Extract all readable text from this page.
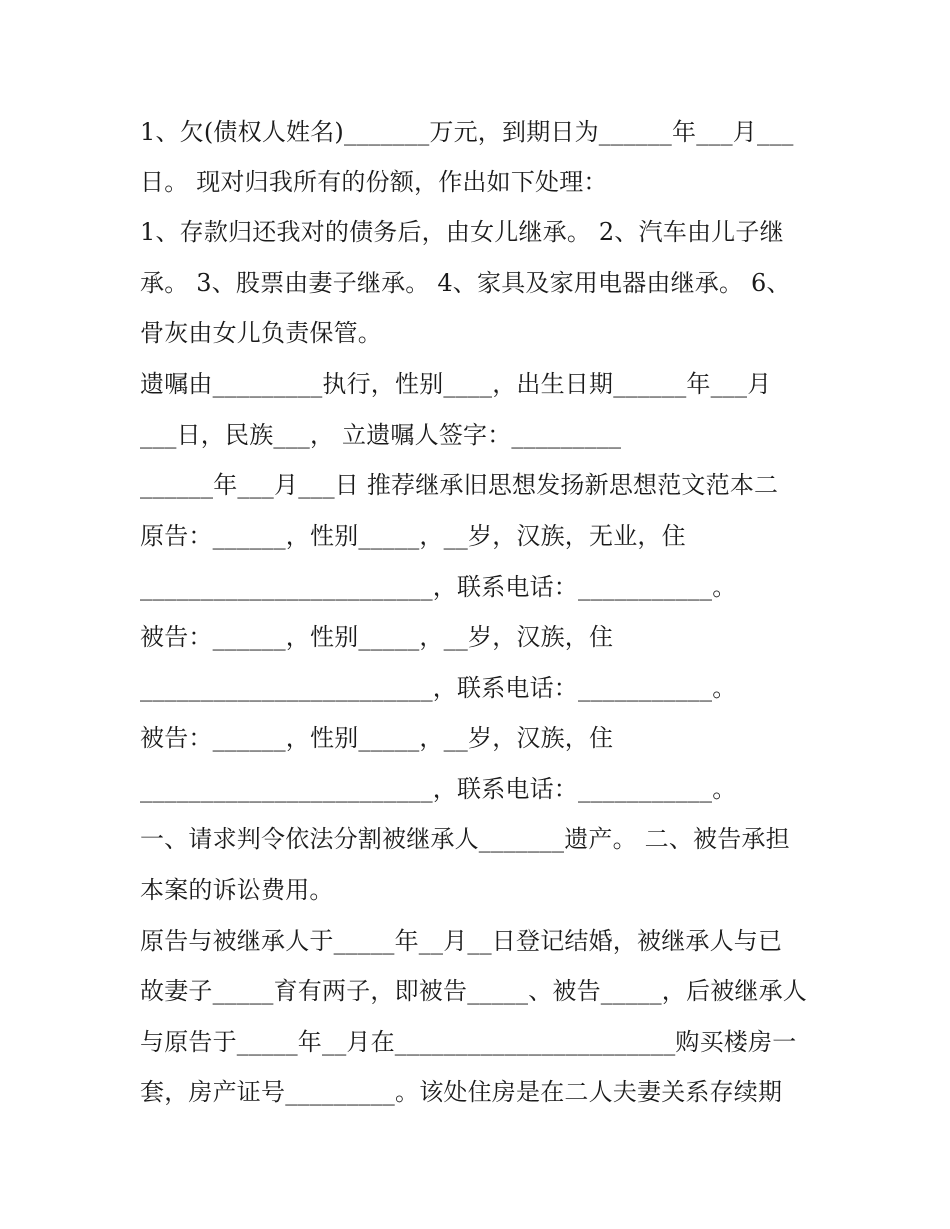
1、欠(债权人姓名)_______万元，到期日为______年___月___
日。 现对归我所有的份额，作出如下处理：
1、存款归还我对的债务后，由女儿继承。 2、汽车由儿子继
承。 3、股票由妻子继承。 4、家具及家用电器由继承。 6、
骨灰由女儿负责保管。
遗嘱由_________执行，性别____，出生日期______年___月
___日，民族___， 立遗嘱人签字：_________
______年___月___日 推荐继承旧思想发扬新思想范文范本二
原告：______，性别_____，__岁，汉族，无业，住
________________________，联系电话：___________。
被告：______，性别_____，__岁，汉族，住
________________________，联系电话：___________。
被告：______，性别_____，__岁，汉族，住
________________________，联系电话：___________。
一、请求判令依法分割被继承人_______遗产。 二、被告承担
本案的诉讼费用。
原告与被继承人于_____年__月__日登记结婚，被继承人与已
故妻子_____育有两子，即被告_____、被告_____，后被继承人
与原告于_____年__月在_______________________购买楼房一
套，房产证号_________。该处住房是在二人夫妻关系存续期
